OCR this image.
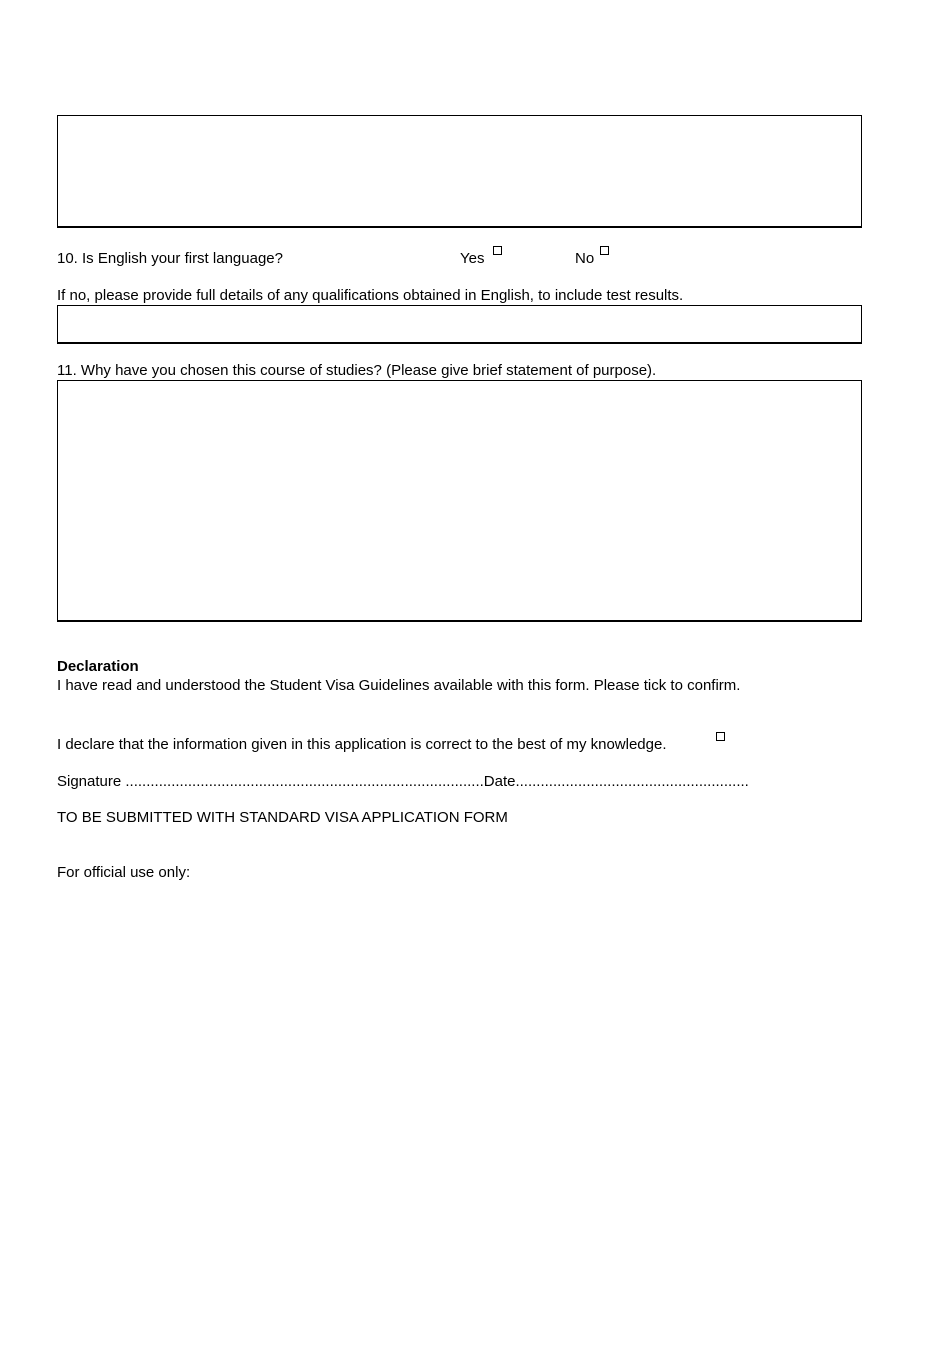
10. Is English your first language?	Yes	No
If no, please provide full details of any qualifications obtained in English, to include test results.
11. Why have you chosen this course of studies? (Please give brief statement of purpose).
Declaration
I have read and understood the Student Visa Guidelines available with this form. Please tick to confirm.
I declare that the information given in this application is correct to the best of my knowledge.
Signature ......................................................................................Date........................................................
TO BE SUBMITTED WITH STANDARD VISA APPLICATION FORM
For official use only:
